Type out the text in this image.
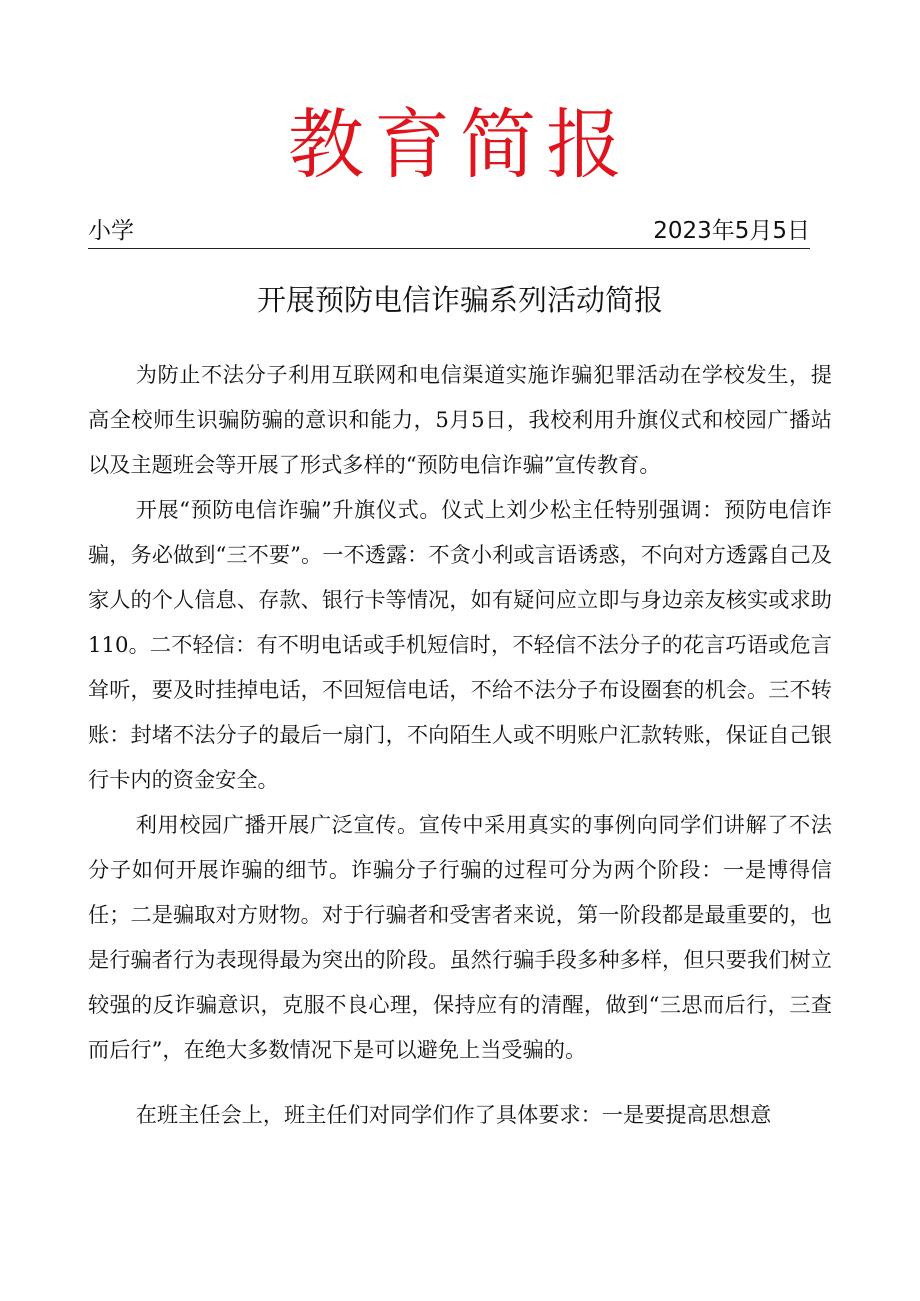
教育简报
小学	2023年5月5日
开展预防电信诈骗系列活动简报

为防止不法分子利用互联网和电信渠道实施诈骗犯罪活动在学校发生，提高全校师生识骗防骗的意识和能力，5月5日，我校利用升旗仪式和校园广播站以及主题班会等开展了形式多样的“预防电信诈骗”宣传教育。

开展“预防电信诈骗”升旗仪式。仪式上刘少松主任特别强调：预防电信诈骗，务必做到“三不要”。一不透露：不贪小利或言语诱惑，不向对方透露自己及家人的个人信息、存款、银行卡等情况，如有疑问应立即与身边亲友核实或求助110。二不轻信：有不明电话或手机短信时，不轻信不法分子的花言巧语或危言耸听，要及时挂掉电话，不回短信电话，不给不法分子布设圈套的机会。三不转账：封堵不法分子的最后一扇门，不向陌生人或不明账户汇款转账，保证自己银行卡内的资金安全。

利用校园广播开展广泛宣传。宣传中采用真实的事例向同学们讲解了不法分子如何开展诈骗的细节。诈骗分子行骗的过程可分为两个阶段：一是博得信任；二是骗取对方财物。对于行骗者和受害者来说，第一阶段都是最重要的，也是行骗者行为表现得最为突出的阶段。虽然行骗手段多种多样，但只要我们树立较强的反诈骗意识，克服不良心理，保持应有的清醒，做到“三思而后行，三查而后行”，在绝大多数情况下是可以避免上当受骗的。

在班主任会上，班主任们对同学们作了具体要求：一是要提高思想意
